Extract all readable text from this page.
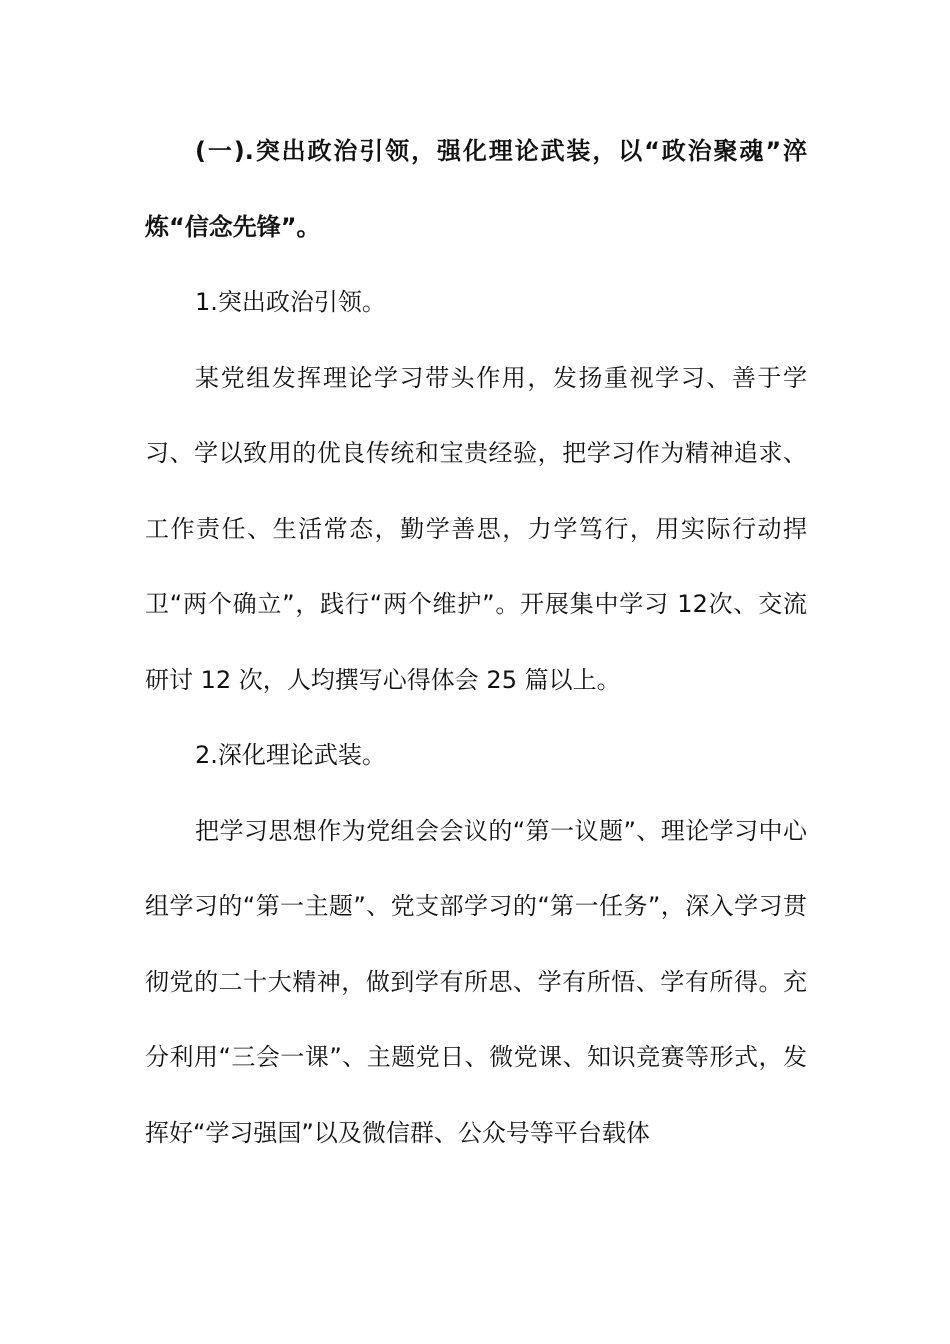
(一).突出政治引领，强化理论武装，以“政治聚魂”淬炼“信念先锋”。

1.突出政治引领。

某党组发挥理论学习带头作用，发扬重视学习、善于学习、学以致用的优良传统和宝贵经验，把学习作为精神追求、工作责任、生活常态，勤学善思，力学笃行，用实际行动捍卫“两个确立”，践行“两个维护”。开展集中学习 12次、交流研讨 12 次，人均撰写心得体会 25 篇以上。

2.深化理论武装。

把学习思想作为党组会会议的“第一议题”、理论学习中心组学习的“第一主题”、党支部学习的“第一任务”，深入学习贯彻党的二十大精神，做到学有所思、学有所悟、学有所得。充分利用“三会一课”、主题党日、微党课、知识竞赛等形式，发挥好“学习强国”以及微信群、公众号等平台载体
